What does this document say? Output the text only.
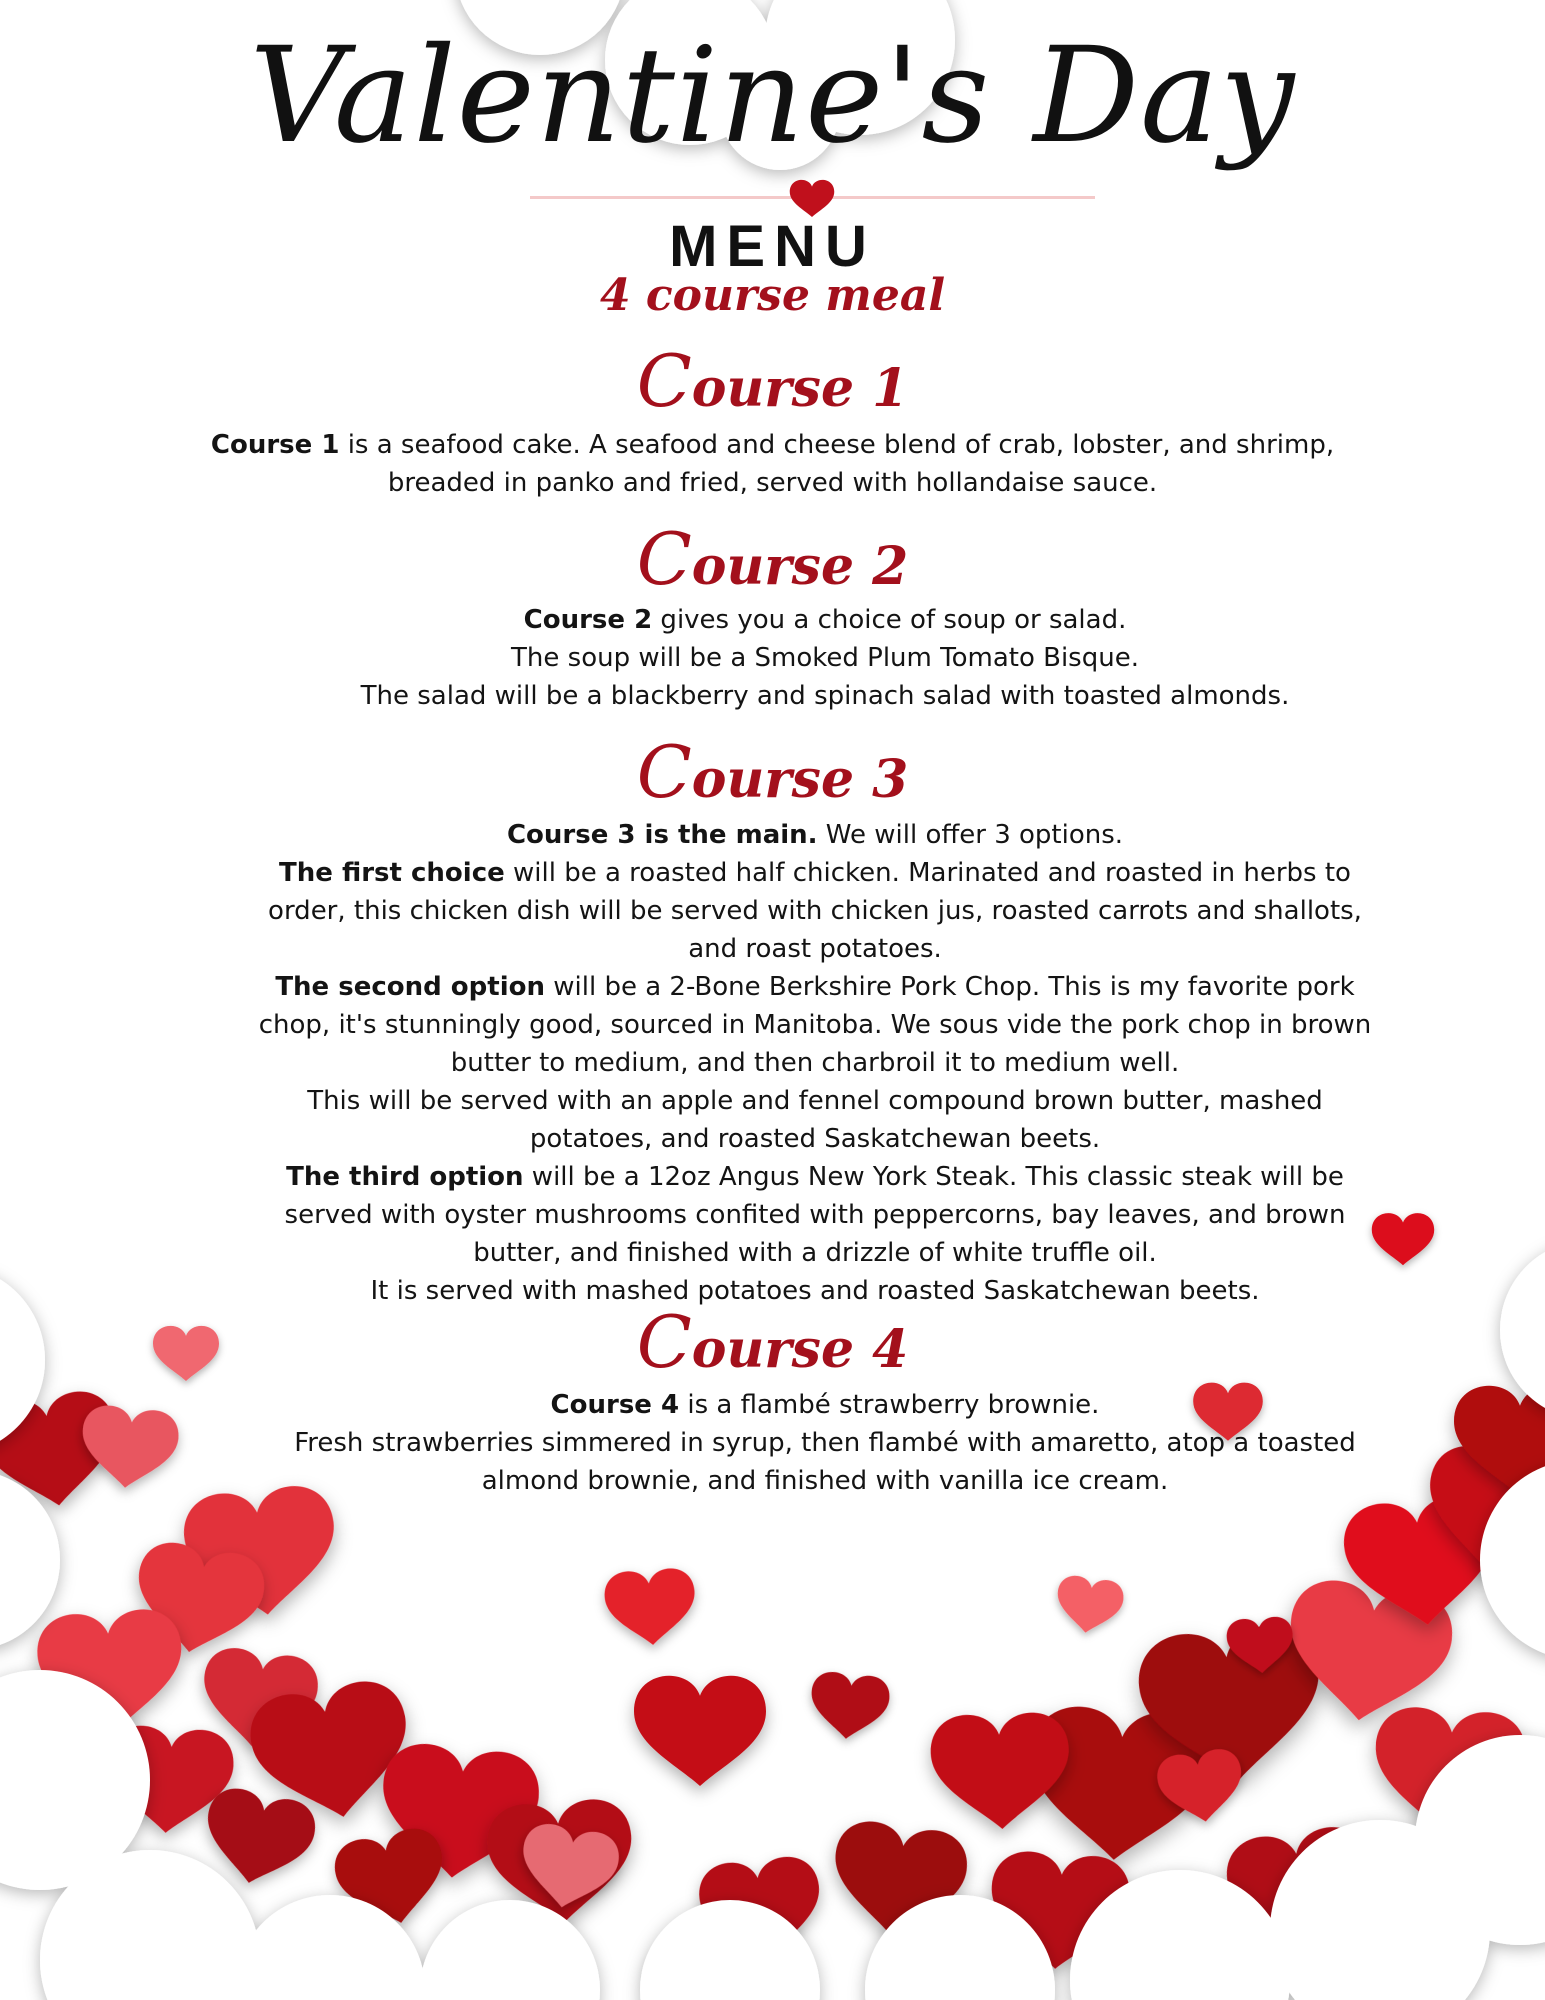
Valentine's Day
MENU
4 course meal
Course 1

Course 1 is a seafood cake. A seafood and cheese blend of crab, lobster, and shrimp,

breaded in panko and fried, served with hollandaise sauce.

Course 2

Course 2 gives you a choice of soup or salad.

The soup will be a Smoked Plum Tomato Bisque.

The salad will be a blackberry and spinach salad with toasted almonds.

Course 3

Course 3 is the main. We will offer 3 options.

The first choice will be a roasted half chicken. Marinated and roasted in herbs to

order, this chicken dish will be served with chicken jus, roasted carrots and shallots,

and roast potatoes.

The second option will be a 2-Bone Berkshire Pork Chop. This is my favorite pork

chop, it's stunningly good, sourced in Manitoba. We sous vide the pork chop in brown

butter to medium, and then charbroil it to medium well.

This will be served with an apple and fennel compound brown butter, mashed

potatoes, and roasted Saskatchewan beets.

The third option will be a 12oz Angus New York Steak. This classic steak will be

served with oyster mushrooms confited with peppercorns, bay leaves, and brown

butter, and finished with a drizzle of white truffle oil.

It is served with mashed potatoes and roasted Saskatchewan beets.

Course 4

Course 4 is a flambé strawberry brownie.

Fresh strawberries simmered in syrup, then flambé with amaretto, atop a toasted

almond brownie, and finished with vanilla ice cream.
